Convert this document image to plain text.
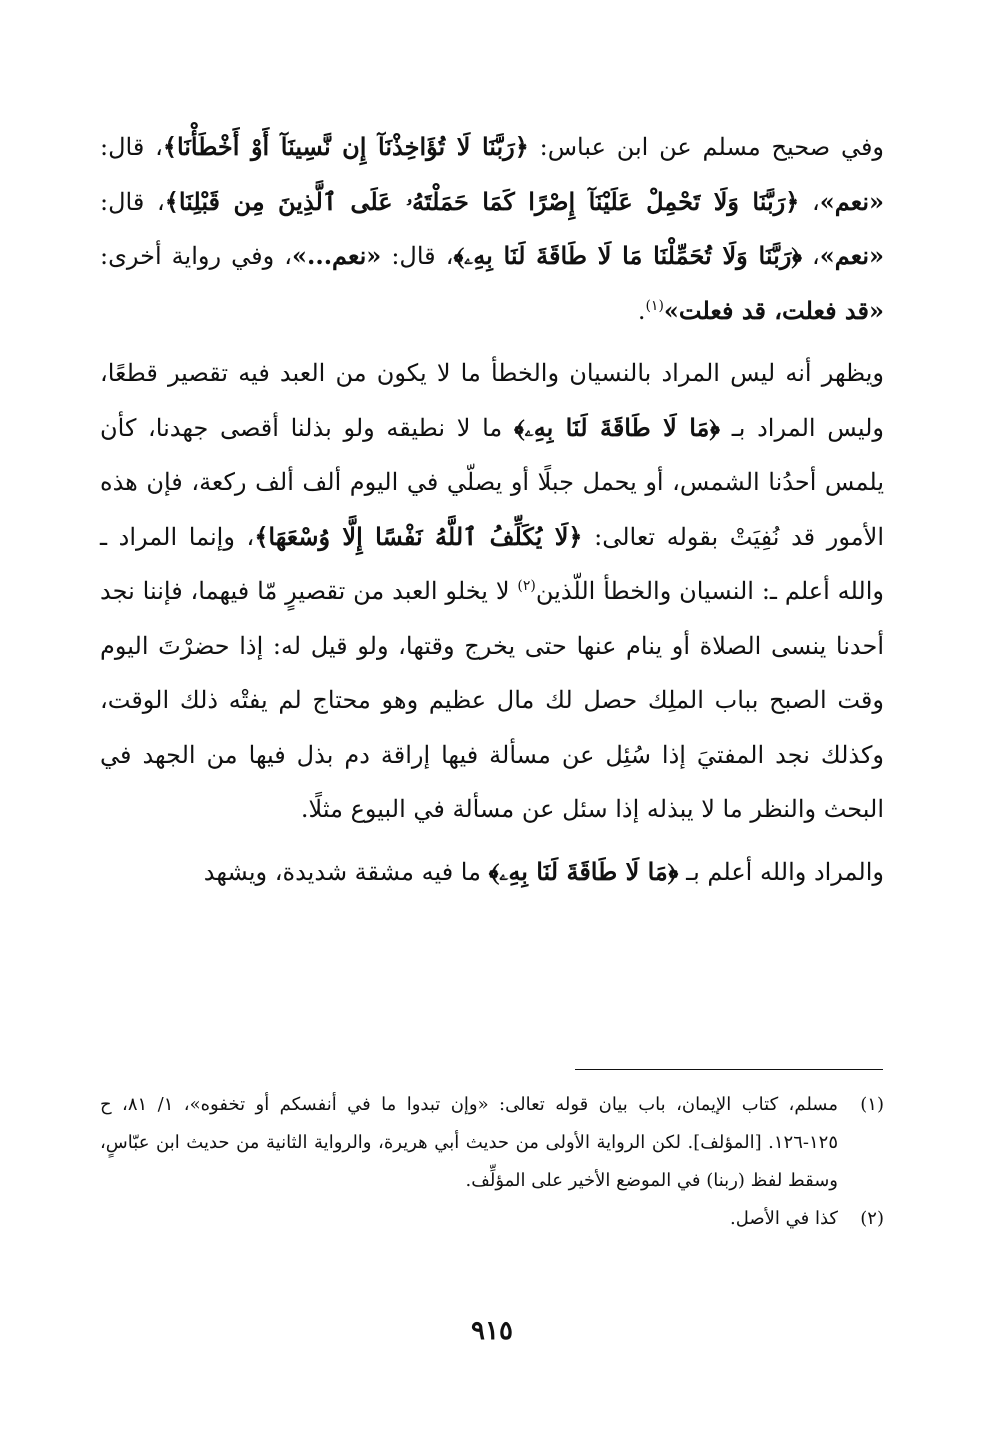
وفي صحيح مسلم عن ابن عباس: ﴿رَبَّنَا لَا تُؤَاخِذْنَآ إِن نَّسِينَآ أَوْ أَخْطَأْنَا﴾، قال: «نعم»، ﴿رَبَّنَا وَلَا تَحْمِلْ عَلَيْنَآ إِصْرًا كَمَا حَمَلْتَهُۥ عَلَى ٱلَّذِينَ مِن قَبْلِنَا﴾، قال: «نعم»، ﴿رَبَّنَا وَلَا تُحَمِّلْنَا مَا لَا طَاقَةَ لَنَا بِهِۦ﴾، قال: «نعم...»، وفي رواية أخرى: «قد فعلت، قد فعلت»$^{(١)}$.

ويظهر أنه ليس المراد بالنسيان والخطأ ما لا يكون من العبد فيه تقصير قطعًا، وليس المراد بـ ﴿مَا لَا طَاقَةَ لَنَا بِهِۦ﴾ ما لا نطيقه ولو بذلنا أقصى جهدنا، كأن يلمس أحدُنا الشمس، أو يحمل جبلًا أو يصلّي في اليوم ألف ألف ركعة، فإن هذه الأمور قد نُفِيَتْ بقوله تعالى: ﴿لَا يُكَلِّفُ ٱللَّهُ نَفْسًا إِلَّا وُسْعَهَا﴾، وإنما المراد ـ والله أعلم ـ: النسيان والخطأ اللّذين$^{(٢)}$ لا يخلو العبد من تقصيرٍ مّا فيهما، فإننا نجد أحدنا ينسى الصلاة أو ينام عنها حتى يخرج وقتها، ولو قيل له: إذا حضرْتَ اليوم وقت الصبح بباب الملِك حصل لك مال عظيم وهو محتاج لم يفتْه ذلك الوقت، وكذلك نجد المفتيَ إذا سُئِل عن مسألة فيها إراقة دم بذل فيها من الجهد في البحث والنظر ما لا يبذله إذا سئل عن مسألة في البيوع مثلًا.

والمراد والله أعلم بـ ﴿مَا لَا طَاقَةَ لَنَا بِهِۦ﴾ ما فيه مشقة شديدة، ويشهد

(١)
مسلم، كتاب الإيمان، باب بيان قوله تعالى: «وإن تبدوا ما في أنفسكم أو تخفوه»، ١/ ٨١، ح ١٢٥-١٢٦. [المؤلف]. لكن الرواية الأولى من حديث أبي هريرة، والرواية الثانية من حديث ابن عبّاسٍ، وسقط لفظ (ربنا) في الموضع الأخير على المؤلِّف.

(٢)
كذا في الأصل.

٩١٥
